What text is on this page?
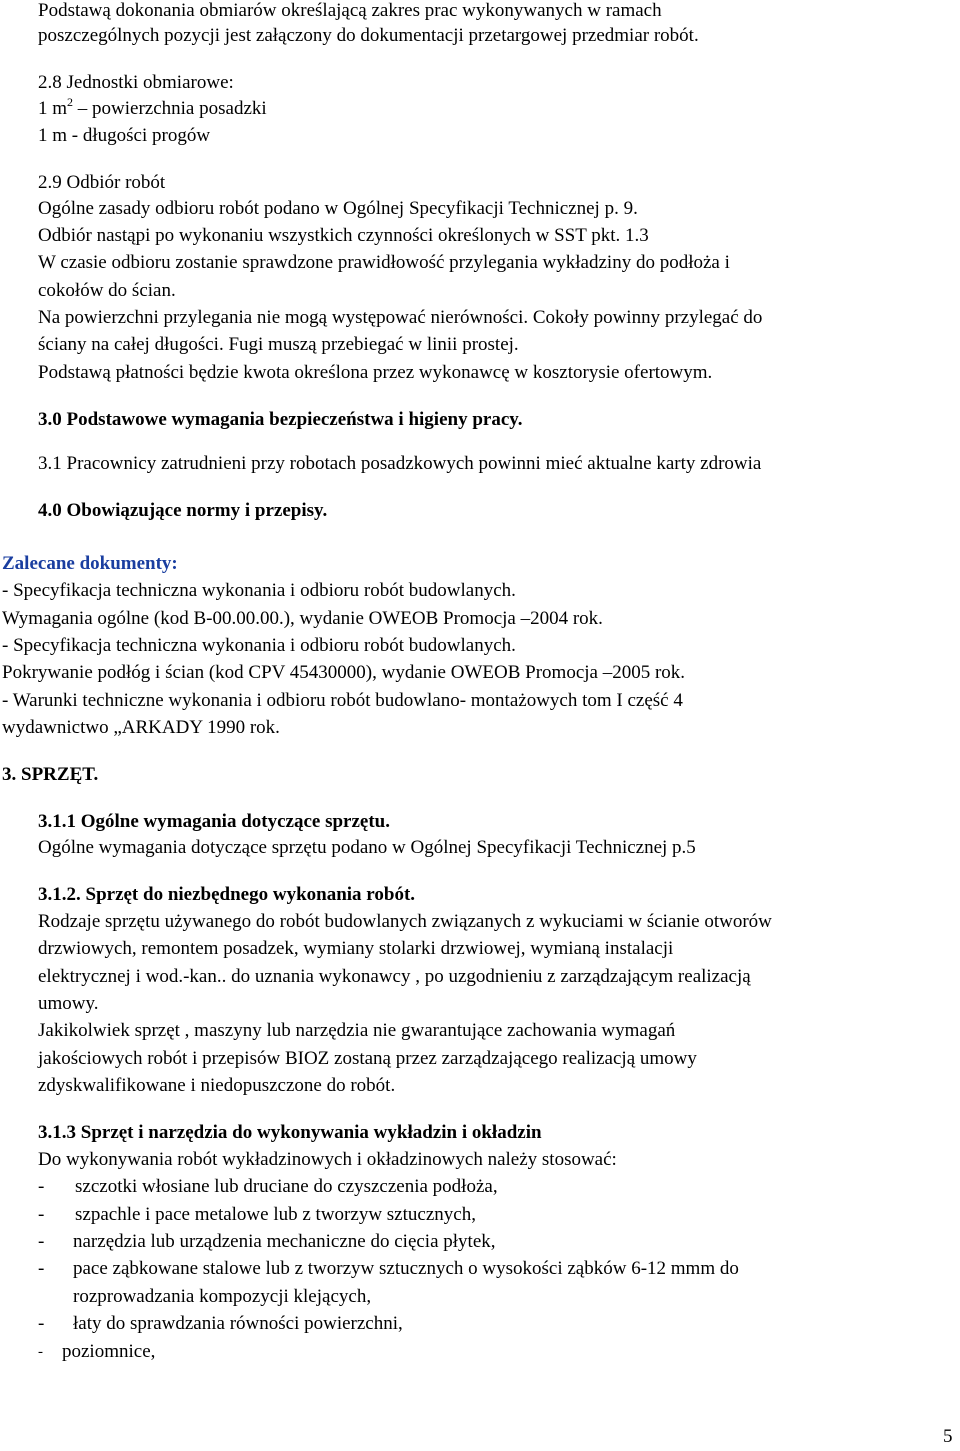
Podstawą dokonania obmiarów określającą zakres prac wykonywanych w ramach
poszczególnych pozycji jest załączony do dokumentacji przetargowej przedmiar robót.
2.8 Jednostki obmiarowe:
1 $m^2$ – powierzchnia posadzki
1 m - długości progów
2.9 Odbiór robót
Ogólne zasady odbioru robót podano w Ogólnej Specyfikacji Technicznej p. 9.
Odbiór nastąpi po wykonaniu wszystkich czynności określonych w SST pkt. 1.3
W czasie odbioru zostanie sprawdzone prawidłowość przylegania wykładziny do podłoża i
cokołów do ścian.
Na powierzchni przylegania nie mogą występować nierówności. Cokoły powinny przylegać do
ściany na całej długości. Fugi muszą przebiegać w linii prostej.
Podstawą płatności będzie kwota określona przez wykonawcę w kosztorysie ofertowym.
3.0 Podstawowe wymagania bezpieczeństwa i higieny pracy.
3.1 Pracownicy zatrudnieni przy robotach posadzkowych powinni mieć aktualne karty zdrowia
4.0 Obowiązujące normy i przepisy.
Zalecane dokumenty:
- Specyfikacja techniczna wykonania i odbioru robót budowlanych.
Wymagania ogólne (kod B-00.00.00.), wydanie OWEOB Promocja –2004 rok.
- Specyfikacja techniczna wykonania i odbioru robót budowlanych.
Pokrywanie podłóg i ścian (kod CPV 45430000), wydanie OWEOB Promocja –2005 rok.
- Warunki techniczne wykonania i odbioru robót budowlano- montażowych tom I część 4
wydawnictwo „ARKADY 1990 rok.
3. SPRZĘT.
3.1.1 Ogólne wymagania dotyczące sprzętu.
Ogólne wymagania dotyczące sprzętu podano w Ogólnej Specyfikacji Technicznej p.5
3.1.2. Sprzęt do niezbędnego wykonania robót.
Rodzaje sprzętu używanego do robót budowlanych związanych z wykuciami w ścianie otworów
drzwiowych, remontem posadzek, wymiany stolarki drzwiowej, wymianą instalacji
elektrycznej i wod.-kan.. do uznania wykonawcy , po uzgodnieniu z zarządzającym realizacją
umowy.
Jakikolwiek sprzęt , maszyny lub narzędzia nie gwarantujące zachowania wymagań
jakościowych robót i przepisów BIOZ zostaną przez zarządzającego realizacją umowy
zdyskwalifikowane i niedopuszczone do robót.
3.1.3 Sprzęt i narzędzia do wykonywania wykładzin i okładzin
Do wykonywania robót wykładzinowych i okładzinowych należy stosować:
- szczotki włosiane lub druciane do czyszczenia podłoża,
- szpachle i pace metalowe lub z tworzyw sztucznych,
- narzędzia lub urządzenia mechaniczne do cięcia płytek,
- pace ząbkowane stalowe lub z tworzyw sztucznych o wysokości ząbków 6-12 mmm do
rozprowadzania kompozycji klejących,
- łaty do sprawdzania równości powierzchni,
- poziomnice,
5
